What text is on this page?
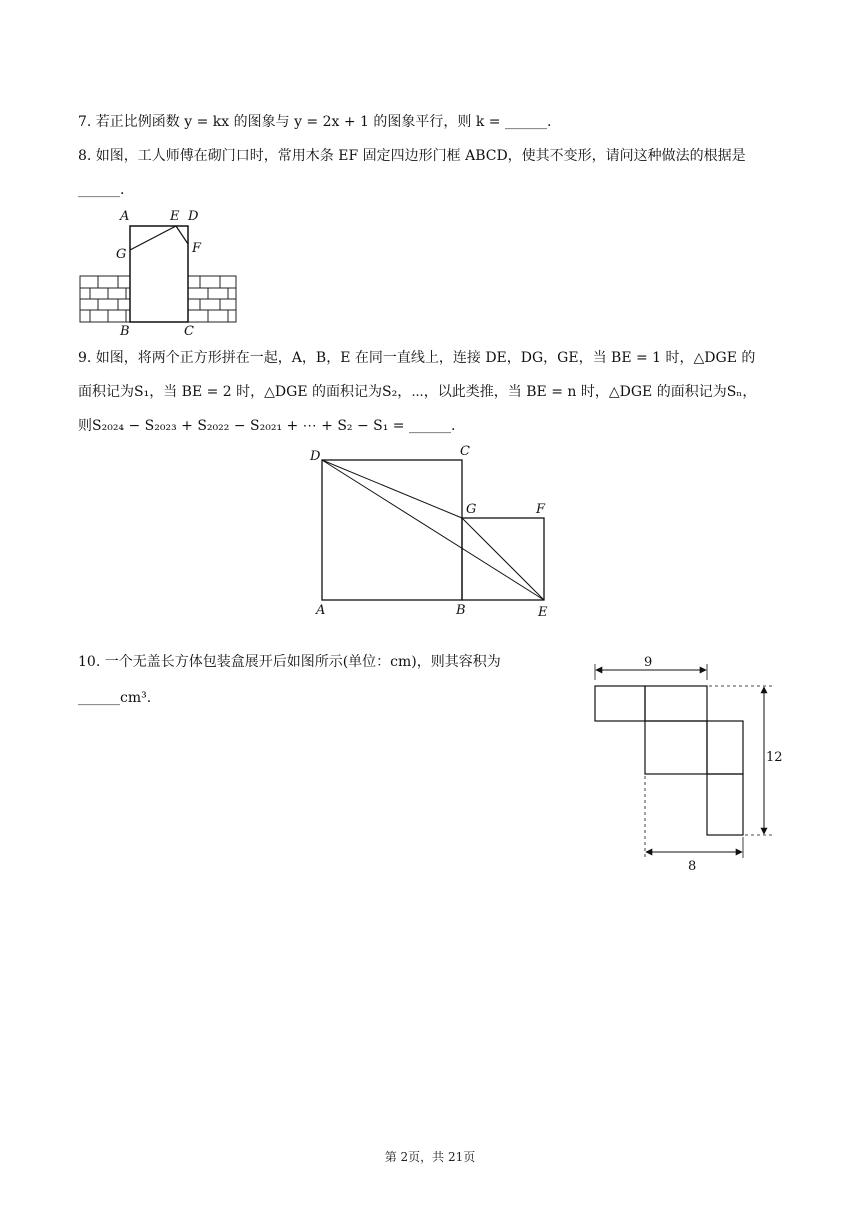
7. 若正比例函数 y = kx 的图象与 y = 2x + 1 的图象平行，则 k = ______.
8. 如图，工人师傅在砌门口时，常用木条 EF 固定四边形门框 ABCD，使其不变形，请问这种做法的根据是
______.
A	E D
G	F
B	C
9. 如图，将两个正方形拼在一起，A，B，E 在同一直线上，连接 DE，DG，GE，当 BE = 1 时，△DGE 的
面积记为S₁，当 BE = 2 时，△DGE 的面积记为S₂，⋯，以此类推，当 BE = n 时，△DGE 的面积记为Sₙ，
则S₂₀₂₄ − S₂₀₂₃ + S₂₀₂₂ − S₂₀₂₁ + ⋯ + S₂ − S₁ = ______.
D	C
G	F
A	B	E
10. 一个无盖长方体包装盒展开后如图所示(单位：cm)，则其容积为
______cm³.
9
12
8
第 2页，共 21页
